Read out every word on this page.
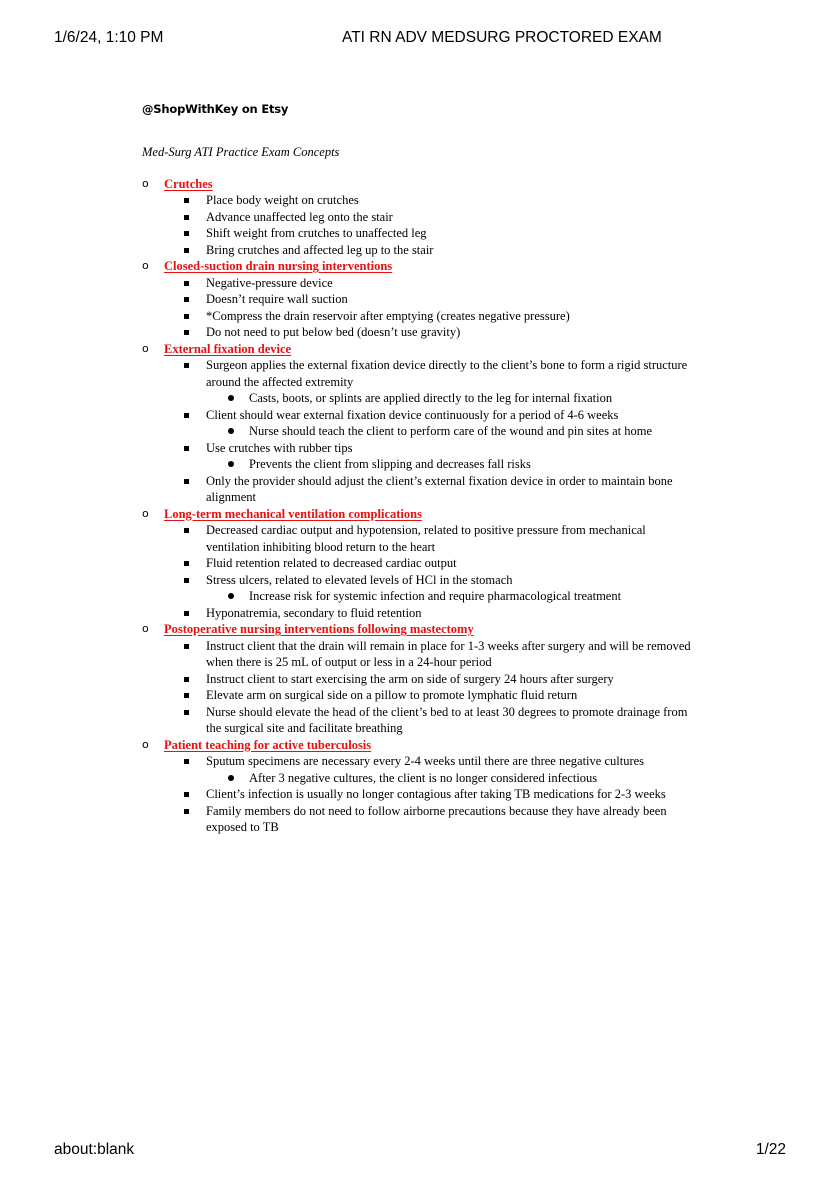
1/6/24, 1:10 PM	ATI RN ADV MEDSURG PROCTORED EXAM
@ShopWithKey on Etsy
Med-Surg ATI Practice Exam Concepts
o Crutches
Place body weight on crutches
Advance unaffected leg onto the stair
Shift weight from crutches to unaffected leg
Bring crutches and affected leg up to the stair
o Closed-suction drain nursing interventions
Negative-pressure device
Doesn’t require wall suction
*Compress the drain reservoir after emptying (creates negative pressure)
Do not need to put below bed (doesn’t use gravity)
o External fixation device
Surgeon applies the external fixation device directly to the client’s bone to form a rigid structure around the affected extremity
Casts, boots, or splints are applied directly to the leg for internal fixation
Client should wear external fixation device continuously for a period of 4-6 weeks
Nurse should teach the client to perform care of the wound and pin sites at home
Use crutches with rubber tips
Prevents the client from slipping and decreases fall risks
Only the provider should adjust the client’s external fixation device in order to maintain bone alignment
o Long-term mechanical ventilation complications
Decreased cardiac output and hypotension, related to positive pressure from mechanical ventilation inhibiting blood return to the heart
Fluid retention related to decreased cardiac output
Stress ulcers, related to elevated levels of HCl in the stomach
Increase risk for systemic infection and require pharmacological treatment
Hyponatremia, secondary to fluid retention
o Postoperative nursing interventions following mastectomy
Instruct client that the drain will remain in place for 1-3 weeks after surgery and will be removed when there is 25 mL of output or less in a 24-hour period
Instruct client to start exercising the arm on side of surgery 24 hours after surgery
Elevate arm on surgical side on a pillow to promote lymphatic fluid return
Nurse should elevate the head of the client’s bed to at least 30 degrees to promote drainage from the surgical site and facilitate breathing
o Patient teaching for active tuberculosis
Sputum specimens are necessary every 2-4 weeks until there are three negative cultures
After 3 negative cultures, the client is no longer considered infectious
Client’s infection is usually no longer contagious after taking TB medications for 2-3 weeks
Family members do not need to follow airborne precautions because they have already been exposed to TB
about:blank	1/22
